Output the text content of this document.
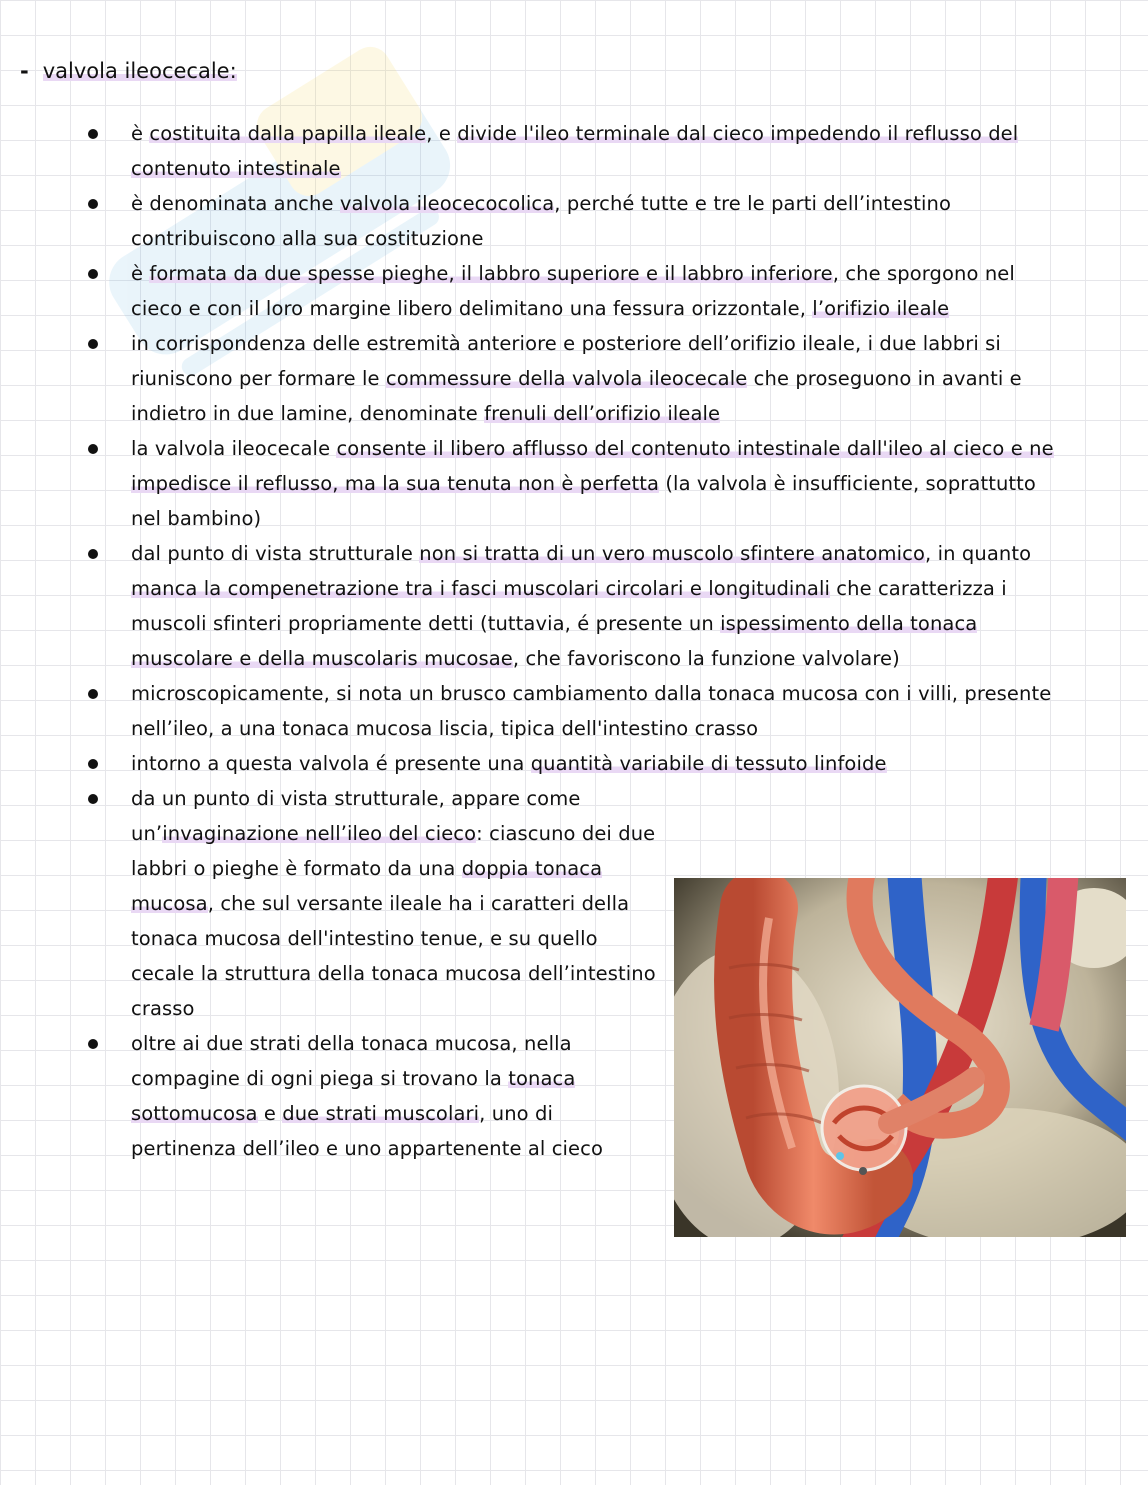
- valvola ileocecale:
è costituita dalla papilla ileale, e divide l'ileo terminale dal cieco impedendo il reflusso del contenuto intestinale
è denominata anche valvola ileocecocolica, perché tutte e tre le parti dell’intestino contribuiscono alla sua costituzione
è formata da due spesse pieghe, il labbro superiore e il labbro inferiore, che sporgono nel cieco e con il loro margine libero delimitano una fessura orizzontale, l’orifizio ileale
in corrispondenza delle estremità anteriore e posteriore dell’orifizio ileale, i due labbri si riuniscono per formare le commessure della valvola ileocecale che proseguono in avanti e indietro in due lamine, denominate frenuli dell’orifizio ileale
la valvola ileocecale consente il libero afflusso del contenuto intestinale dall'ileo al cieco e ne impedisce il reflusso, ma la sua tenuta non è perfetta (la valvola è insufficiente, soprattutto nel bambino)
dal punto di vista strutturale non si tratta di un vero muscolo sfintere anatomico, in quanto manca la compenetrazione tra i fasci muscolari circolari e longitudinali che caratterizza i muscoli sfinteri propriamente detti (tuttavia, é presente un ispessimento della tonaca muscolare e della muscolaris mucosae, che favoriscono la funzione valvolare)
microscopicamente, si nota un brusco cambiamento dalla tonaca mucosa con i villi, presente nell’ileo, a una tonaca mucosa liscia, tipica dell'intestino crasso
intorno a questa valvola é presente una quantità variabile di tessuto linfoide
da un punto di vista strutturale, appare come un’invaginazione nell’ileo del cieco: ciascuno dei due labbri o pieghe è formato da una doppia tonaca mucosa, che sul versante ileale ha i caratteri della tonaca mucosa dell'intestino tenue, e su quello cecale la struttura della tonaca mucosa dell’intestino crasso
oltre ai due strati della tonaca mucosa, nella compagine di ogni piega si trovano la tonaca sottomucosa e due strati muscolari, uno di pertinenza dell’ileo e uno appartenente al cieco
